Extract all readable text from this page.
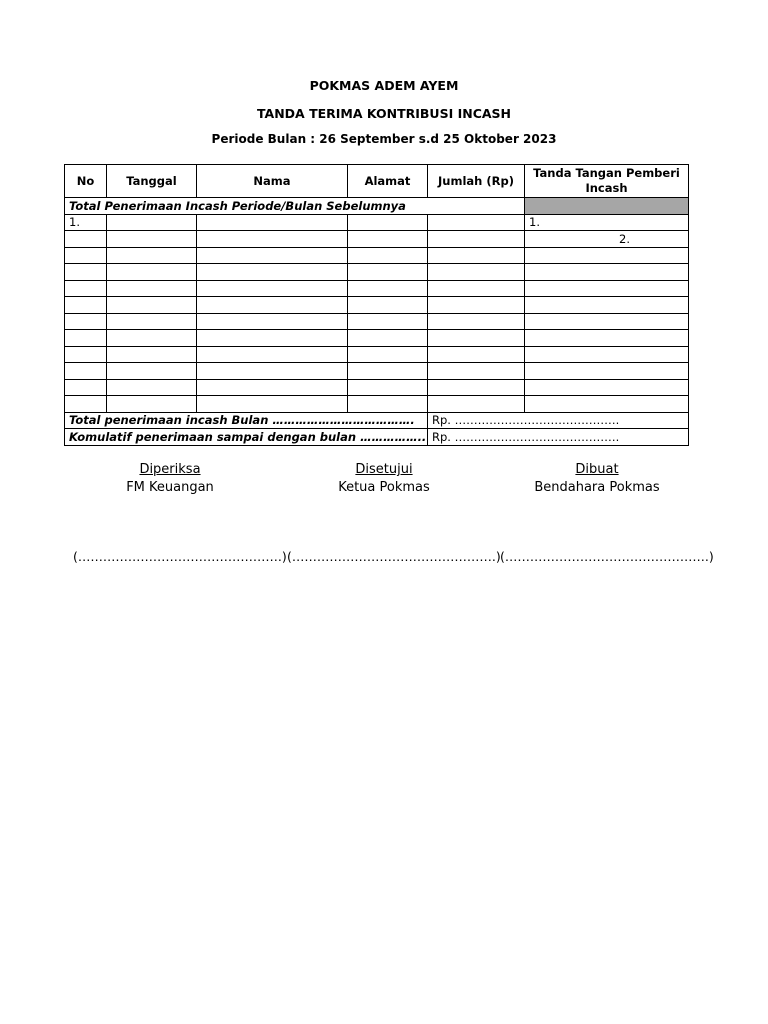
POKMAS ADEM AYEM
TANDA TERIMA KONTRIBUSI INCASH
Periode Bulan : 26 September s.d 25 Oktober 2023
No	Tanggal	Nama	Alamat	Jumlah (Rp)	Tanda Tangan Pemberi Incash
Total Penerimaan Incash Periode/Bulan Sebelumnya					
1.					1.
					2.

Total penerimaan incash Bulan ……………………………….				Rp. …………………………………….	
Komulatif penerimaan sampai dengan bulan ……………..				Rp. …………………………………….	
Diperiksa
FM Keuangan
Disetujui
Ketua Pokmas
Dibuat
Bendahara Pokmas
(………………………………………….) (………………………………………….) (………………………………………….)
